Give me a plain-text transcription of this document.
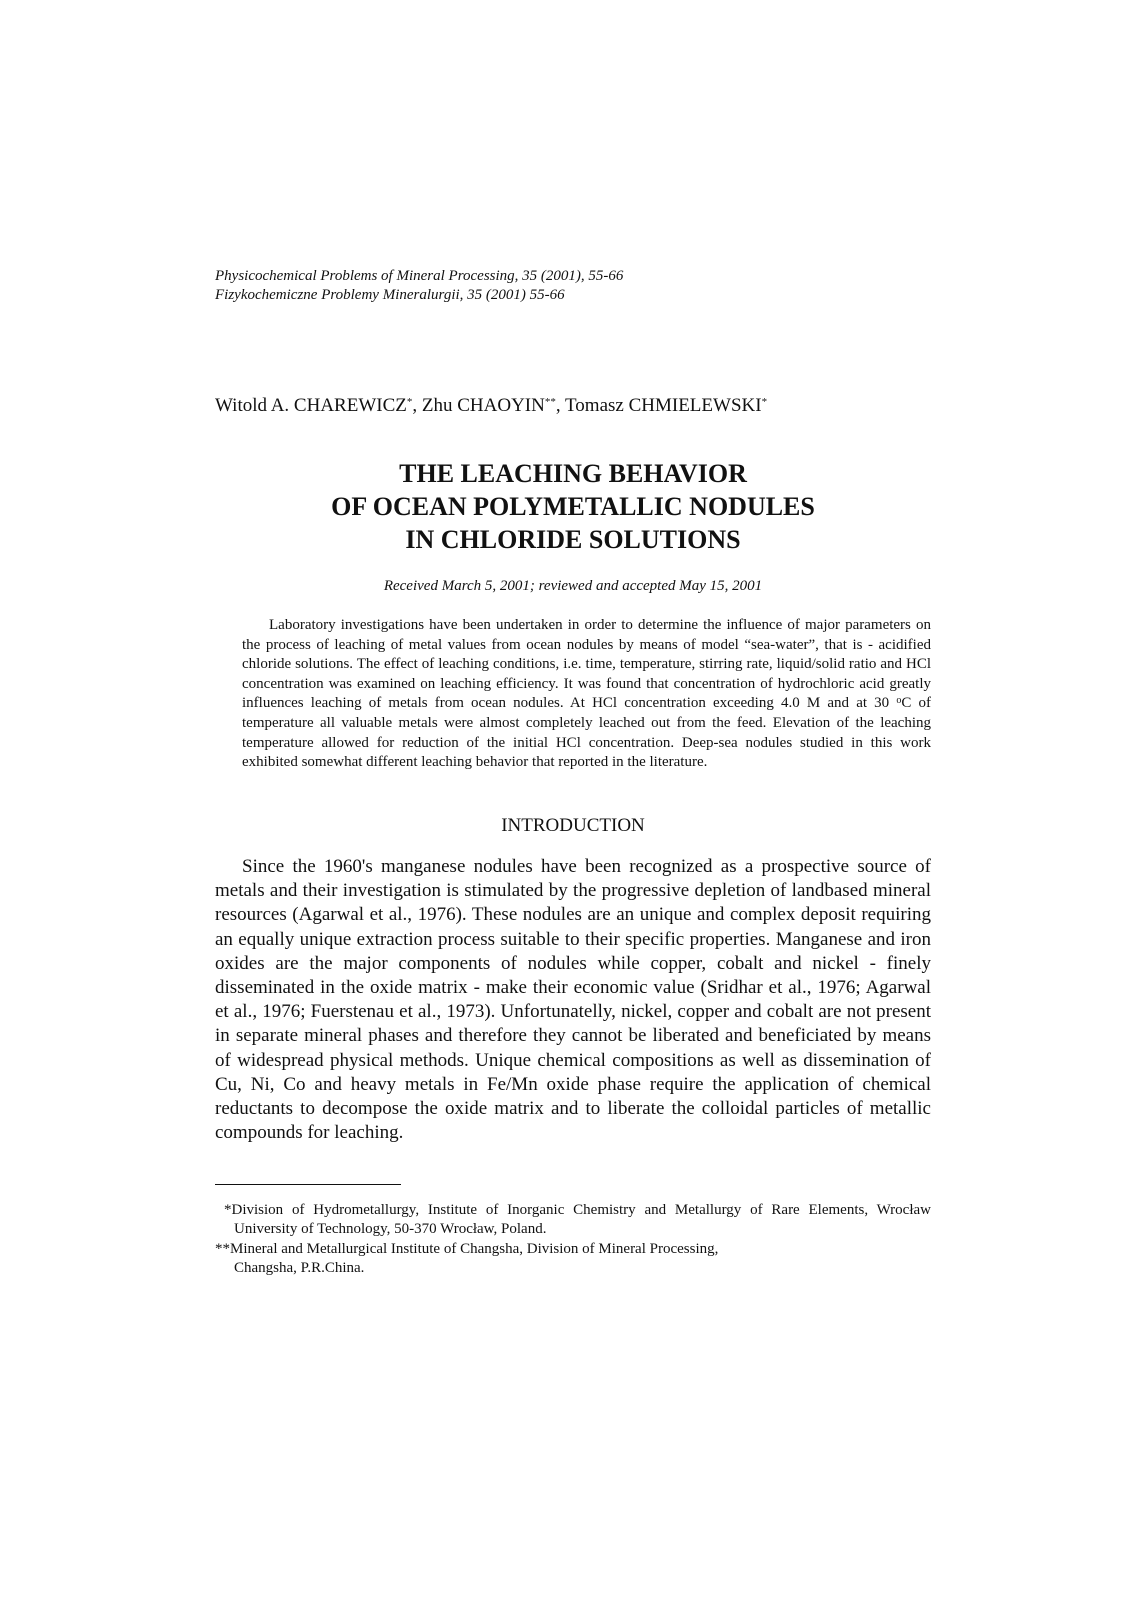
Physicochemical Problems of Mineral Processing, 35 (2001), 55-66
Fizykochemiczne Problemy Mineralurgii, 35 (2001) 55-66
Witold A. CHAREWICZ*, Zhu CHAOYIN**, Tomasz CHMIELEWSKI*
THE LEACHING BEHAVIOR
OF OCEAN POLYMETALLIC NODULES
IN CHLORIDE SOLUTIONS
Received March 5, 2001; reviewed and accepted May 15, 2001

Laboratory investigations have been undertaken in order to determine the influence of major parameters on the process of leaching of metal values from ocean nodules by means of model “sea-water”, that is - acidified chloride solutions. The effect of leaching conditions, i.e. time, temperature, stirring rate, liquid/solid ratio and HCl concentration was examined on leaching efficiency. It was found that concentration of hydrochloric acid greatly influences leaching of metals from ocean nodules. At HCl concentration exceeding 4.0 M and at 30 $^o$C of temperature all valuable metals were almost completely leached out from the feed. Elevation of the leaching temperature allowed for reduction of the initial HCl concentration. Deep-sea nodules studied in this work exhibited somewhat different leaching behavior that reported in the literature.

INTRODUCTION

Since the 1960's manganese nodules have been recognized as a prospective source of metals and their investigation is stimulated by the progressive depletion of landbased mineral resources (Agarwal et al., 1976). These nodules are an unique and complex deposit requiring an equally unique extraction process suitable to their specific properties. Manganese and iron oxides are the major components of nodules while copper, cobalt and nickel - finely disseminated in the oxide matrix - make their economic value (Sridhar et al., 1976; Agarwal et al., 1976; Fuerstenau et al., 1973). Unfortunatelly, nickel, copper and cobalt are not present in separate mineral phases and therefore they cannot be liberated and beneficiated by means of widespread physical methods. Unique chemical compositions as well as dissemination of Cu, Ni, Co and heavy metals in Fe/Mn oxide phase require the application of chemical reductants to decompose the oxide matrix and to liberate the colloidal particles of metallic compounds for leaching.

*Division of Hydrometallurgy, Institute of Inorganic Chemistry and Metallurgy of Rare Elements, Wrocław University of Technology, 50-370 Wrocław, Poland.

**Mineral and Metallurgical Institute of Changsha, Division of Mineral Processing,
Changsha, P.R.China.
